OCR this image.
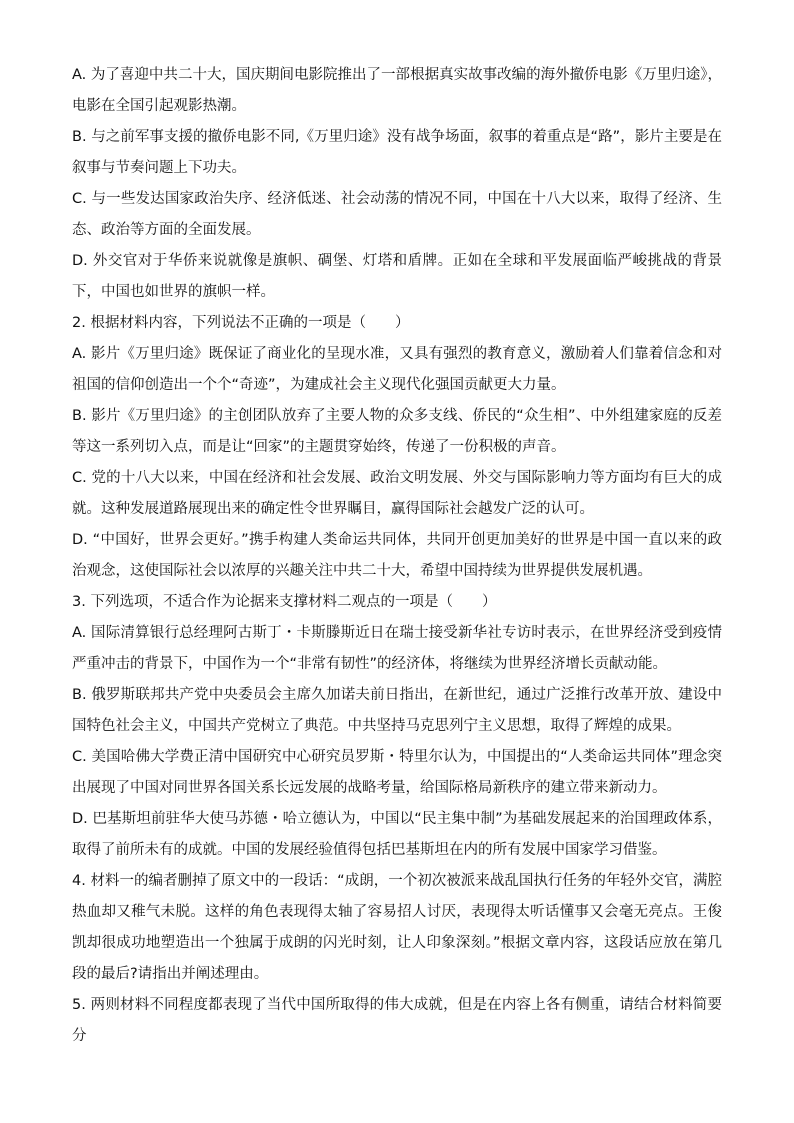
A. 为了喜迎中共二十大，国庆期间电影院推出了一部根据真实故事改编的海外撤侨电影《万里归途》，电影在全国引起观影热潮。

B. 与之前军事支援的撤侨电影不同,《万里归途》没有战争场面，叙事的着重点是“路”，影片主要是在叙事与节奏问题上下功夫。

C. 与一些发达国家政治失序、经济低迷、社会动荡的情况不同，中国在十八大以来，取得了经济、生态、政治等方面的全面发展。

D. 外交官对于华侨来说就像是旗帜、碉堡、灯塔和盾牌。正如在全球和平发展面临严峻挑战的背景下，中国也如世界的旗帜一样。

2. 根据材料内容，下列说法不正确的一项是（　　）

A. 影片《万里归途》既保证了商业化的呈现水准，又具有强烈的教育意义，激励着人们靠着信念和对祖国的信仰创造出一个个“奇迹”，为建成社会主义现代化强国贡献更大力量。

B. 影片《万里归途》的主创团队放弃了主要人物的众多支线、侨民的“众生相”、中外组建家庭的反差等这一系列切入点，而是让“回家”的主题贯穿始终，传递了一份积极的声音。

C. 党的十八大以来，中国在经济和社会发展、政治文明发展、外交与国际影响力等方面均有巨大的成就。这种发展道路展现出来的确定性令世界瞩目，赢得国际社会越发广泛的认可。

D. “中国好，世界会更好。”携手构建人类命运共同体，共同开创更加美好的世界是中国一直以来的政治观念，这使国际社会以浓厚的兴趣关注中共二十大，希望中国持续为世界提供发展机遇。

3. 下列选项，不适合作为论据来支撑材料二观点的一项是（　　）

A. 国际清算银行总经理阿古斯丁・卡斯滕斯近日在瑞士接受新华社专访时表示，在世界经济受到疫情严重冲击的背景下，中国作为一个“非常有韧性”的经济体，将继续为世界经济增长贡献动能。

B. 俄罗斯联邦共产党中央委员会主席久加诺夫前日指出，在新世纪，通过广泛推行改革开放、建设中国特色社会主义，中国共产党树立了典范。中共坚持马克思列宁主义思想，取得了辉煌的成果。

C. 美国哈佛大学费正清中国研究中心研究员罗斯・特里尔认为，中国提出的“人类命运共同体”理念突出展现了中国对同世界各国关系长远发展的战略考量，给国际格局新秩序的建立带来新动力。

D. 巴基斯坦前驻华大使马苏德・哈立德认为，中国以“民主集中制”为基础发展起来的治国理政体系，取得了前所未有的成就。中国的发展经验值得包括巴基斯坦在内的所有发展中国家学习借鉴。

4. 材料一的编者删掉了原文中的一段话：“成朗，一个初次被派来战乱国执行任务的年轻外交官，满腔热血却又稚气未脱。这样的角色表现得太轴了容易招人讨厌，表现得太听话懂事又会毫无亮点。王俊凯却很成功地塑造出一个独属于成朗的闪光时刻，让人印象深刻。”根据文章内容，这段话应放在第几段的最后?请指出并阐述理由。

5. 两则材料不同程度都表现了当代中国所取得的伟大成就，但是在内容上各有侧重，请结合材料简要分
